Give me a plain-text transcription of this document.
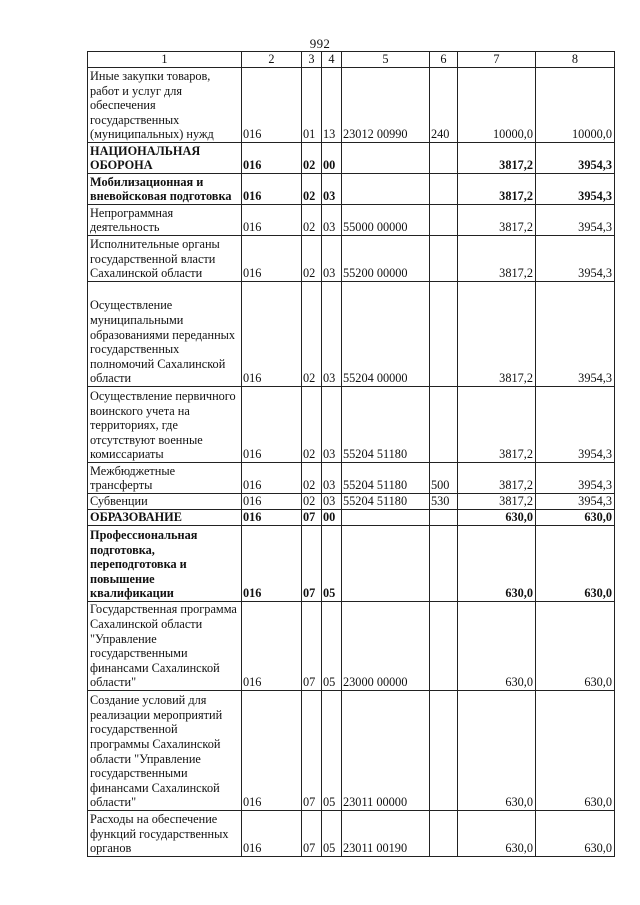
992
1	2	3	4	5	6	7	8
Иные закупки товаров, работ и услуг для обеспечения государственных (муниципальных) нужд	016	01	13	23012 00990	240	10000,0	10000,0
НАЦИОНАЛЬНАЯ ОБОРОНА	016	02	00			3817,2	3954,3
Мобилизационная и вневойсковая подготовка	016	02	03			3817,2	3954,3
Непрограммная деятельность	016	02	03	55000 00000		3817,2	3954,3
Исполнительные органы государственной власти Сахалинской области	016	02	03	55200 00000		3817,2	3954,3
Осуществление муниципальными образованиями переданных государственных полномочий Сахалинской области	016	02	03	55204 00000		3817,2	3954,3
Осуществление первичного воинского учета на территориях, где отсутствуют военные комиссариаты	016	02	03	55204 51180		3817,2	3954,3
Межбюджетные трансферты	016	02	03	55204 51180	500	3817,2	3954,3
Субвенции	016	02	03	55204 51180	530	3817,2	3954,3
ОБРАЗОВАНИЕ	016	07	00			630,0	630,0
Профессиональная подготовка, переподготовка и повышение квалификации	016	07	05			630,0	630,0
Государственная программа Сахалинской области "Управление государственными финансами Сахалинской области"	016	07	05	23000 00000		630,0	630,0
Создание условий для реализации мероприятий государственной программы Сахалинской области "Управление государственными финансами Сахалинской области"	016	07	05	23011 00000		630,0	630,0
Расходы на обеспечение функций государственных органов	016	07	05	23011 00190		630,0	630,0
